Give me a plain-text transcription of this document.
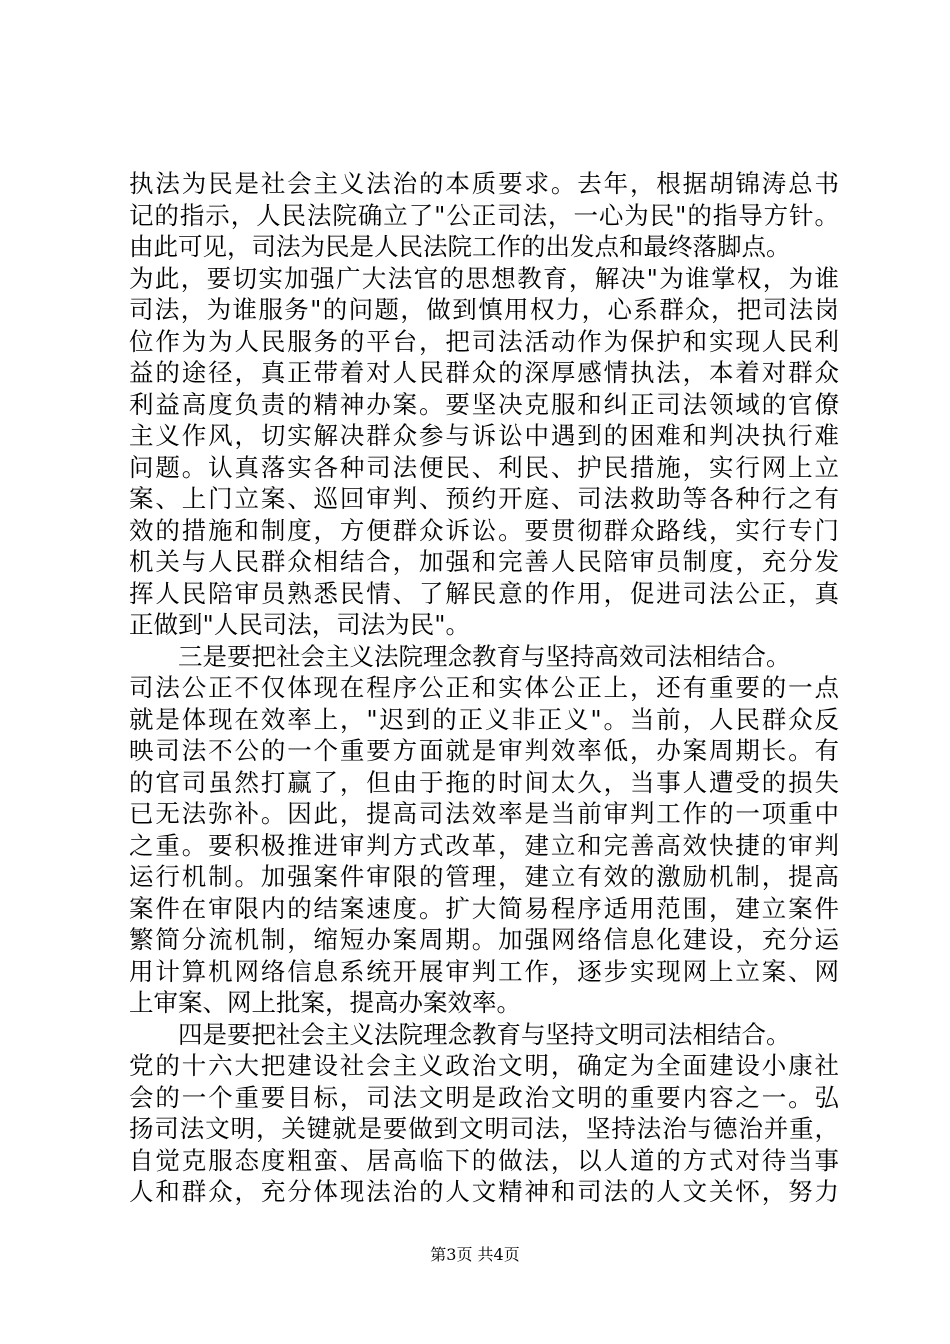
执法为民是社会主义法治的本质要求。去年，根据胡锦涛总书
记的指示，人民法院确立了"公正司法，一心为民"的指导方针。
由此可见，司法为民是人民法院工作的出发点和最终落脚点。
为此，要切实加强广大法官的思想教育，解决"为谁掌权，为谁
司法，为谁服务"的问题，做到慎用权力，心系群众，把司法岗
位作为为人民服务的平台，把司法活动作为保护和实现人民利
益的途径，真正带着对人民群众的深厚感情执法，本着对群众
利益高度负责的精神办案。要坚决克服和纠正司法领域的官僚
主义作风，切实解决群众参与诉讼中遇到的困难和判决执行难
问题。认真落实各种司法便民、利民、护民措施，实行网上立
案、上门立案、巡回审判、预约开庭、司法救助等各种行之有
效的措施和制度，方便群众诉讼。要贯彻群众路线，实行专门
机关与人民群众相结合，加强和完善人民陪审员制度，充分发
挥人民陪审员熟悉民情、了解民意的作用，促进司法公正，真
正做到"人民司法，司法为民"。
三是要把社会主义法院理念教育与坚持高效司法相结合。
司法公正不仅体现在程序公正和实体公正上，还有重要的一点
就是体现在效率上，"迟到的正义非正义"。当前，人民群众反
映司法不公的一个重要方面就是审判效率低，办案周期长。有
的官司虽然打赢了，但由于拖的时间太久，当事人遭受的损失
已无法弥补。因此，提高司法效率是当前审判工作的一项重中
之重。要积极推进审判方式改革，建立和完善高效快捷的审判
运行机制。加强案件审限的管理，建立有效的激励机制，提高
案件在审限内的结案速度。扩大简易程序适用范围，建立案件
繁简分流机制，缩短办案周期。加强网络信息化建设，充分运
用计算机网络信息系统开展审判工作，逐步实现网上立案、网
上审案、网上批案，提高办案效率。
四是要把社会主义法院理念教育与坚持文明司法相结合。
党的十六大把建设社会主义政治文明，确定为全面建设小康社
会的一个重要目标，司法文明是政治文明的重要内容之一。弘
扬司法文明，关键就是要做到文明司法，坚持法治与德治并重，
自觉克服态度粗蛮、居高临下的做法，以人道的方式对待当事
人和群众，充分体现法治的人文精神和司法的人文关怀，努力
第3页 共4页
